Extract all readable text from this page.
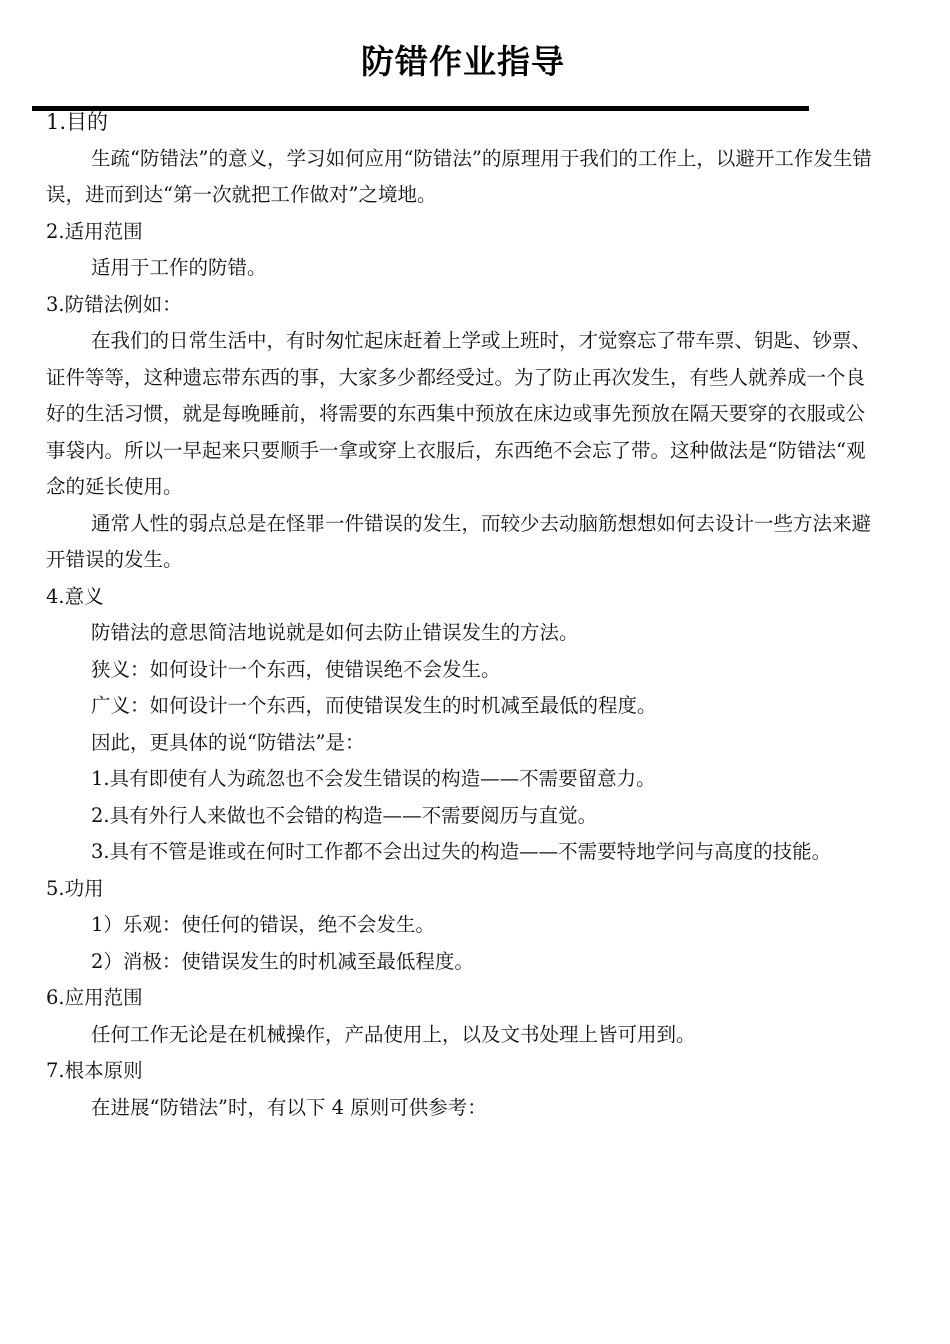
防错作业指导

1.目的

生疏“防错法”的意义，学习如何应用“防错法”的原理用于我们的工作上，以避开工作发生错误，进而到达“第一次就把工作做对”之境地。

2.适用范围

适用于工作的防错。

3.防错法例如：

在我们的日常生活中，有时匆忙起床赶着上学或上班时，才觉察忘了带车票、钥匙、钞票、证件等等，这种遗忘带东西的事，大家多少都经受过。为了防止再次发生，有些人就养成一个良好的生活习惯，就是每晚睡前，将需要的东西集中预放在床边或事先预放在隔天要穿的衣服或公事袋内。所以一早起来只要顺手一拿或穿上衣服后，东西绝不会忘了带。这种做法是“防错法“观念的延长使用。

通常人性的弱点总是在怪罪一件错误的发生，而较少去动脑筋想想如何去设计一些方法来避开错误的发生。

4.意义

防错法的意思简洁地说就是如何去防止错误发生的方法。

狭义：如何设计一个东西，使错误绝不会发生。

广义：如何设计一个东西，而使错误发生的时机减至最低的程度。

因此，更具体的说“防错法”是：

1.具有即使有人为疏忽也不会发生错误的构造——不需要留意力。

2.具有外行人来做也不会错的构造——不需要阅历与直觉。

3.具有不管是谁或在何时工作都不会出过失的构造——不需要特地学问与高度的技能。

5.功用

1）乐观：使任何的错误，绝不会发生。

2）消极：使错误发生的时机减至最低程度。

6.应用范围

任何工作无论是在机械操作，产品使用上，以及文书处理上皆可用到。

7.根本原则

在进展“防错法”时，有以下 4 原则可供参考：
